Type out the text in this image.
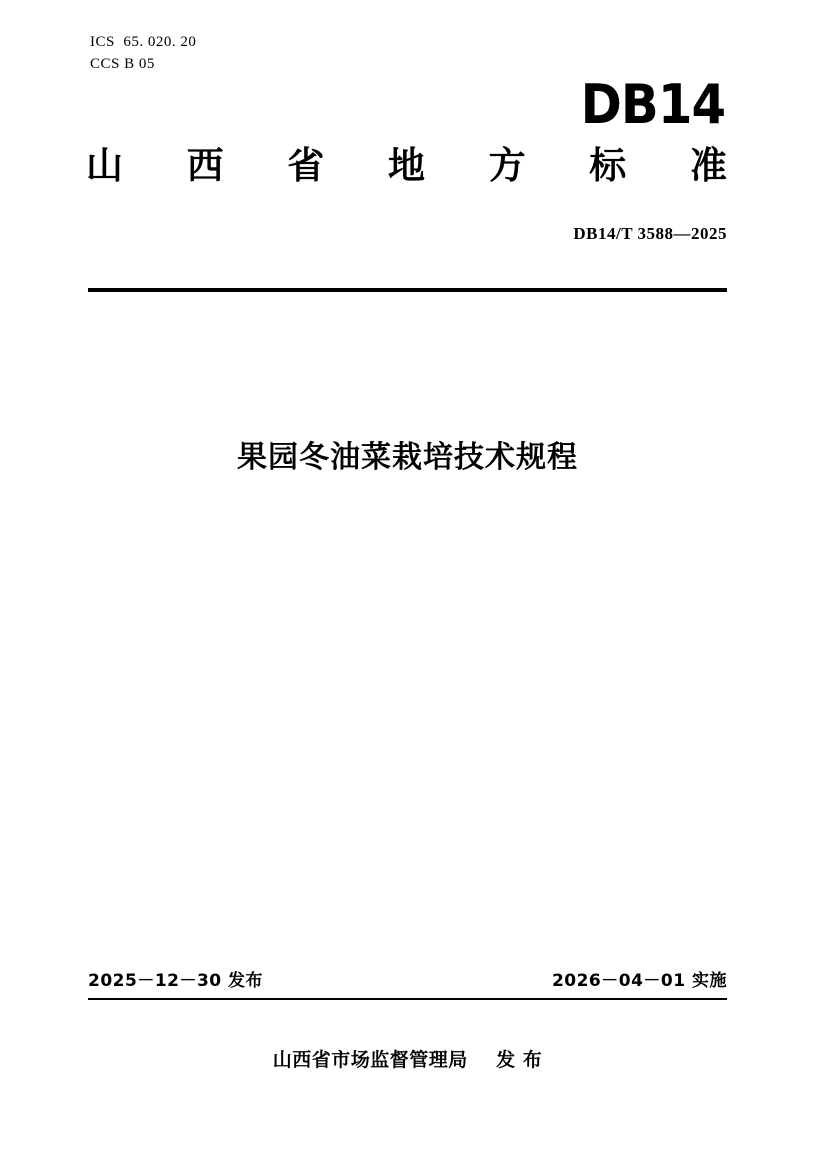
ICS  65. 020. 20
CCS B 05
DB14
山 西 省 地 方 标 准
DB14/T 3588—2025
果园冬油菜栽培技术规程
2025－12－30 发布	2026－04－01 实施
山西省市场监督管理局    发 布
